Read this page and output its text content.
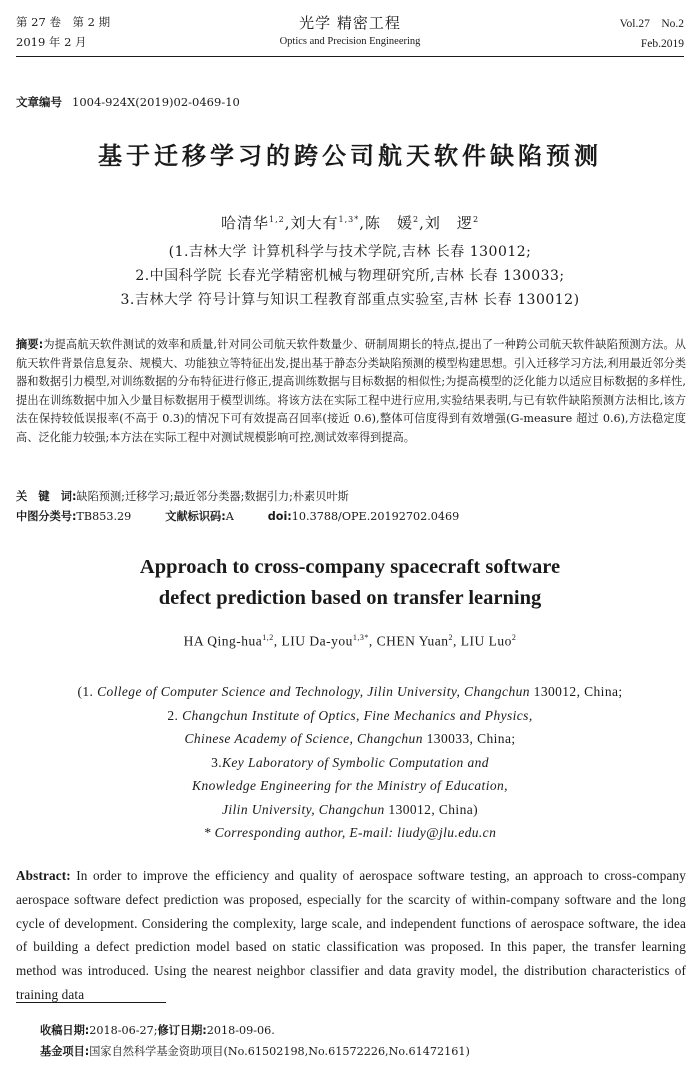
第 27 卷　第 2 期
2019 年 2 月
光学 精密工程
Optics and Precision Engineering
Vol.27　No.2
Feb.2019
文章编号 1004-924X(2019)02-0469-10
基于迁移学习的跨公司航天软件缺陷预测
哈清华$^{1,2}$,刘大有$^{1,3*}$,陈　媛$^2$,刘　逻$^2$
(1.吉林大学 计算机科学与技术学院,吉林 长春 130012;
2.中国科学院 长春光学精密机械与物理研究所,吉林 长春 130033;
3.吉林大学 符号计算与知识工程教育部重点实验室,吉林 长春 130012)
摘要:为提高航天软件测试的效率和质量,针对同公司航天软件数量少、研制周期长的特点,提出了一种跨公司航天软件缺陷预测方法。从航天软件背景信息复杂、规模大、功能独立等特征出发,提出基于静态分类缺陷预测的模型构建思想。引入迁移学习方法,利用最近邻分类器和数据引力模型,对训练数据的分布特征进行修正,提高训练数据与目标数据的相似性;为提高模型的泛化能力以适应目标数据的多样性,提出在训练数据中加入少量目标数据用于模型训练。将该方法在实际工程中进行应用,实验结果表明,与已有软件缺陷预测方法相比,该方法在保持较低误报率(不高于 0.3)的情况下可有效提高召回率(接近 0.6),整体可信度得到有效增强(G-measure 超过 0.6),方法稳定度高、泛化能力较强;本方法在实际工程中对测试规模影响可控,测试效率得到提高。
关　键　词:缺陷预测;迁移学习;最近邻分类器;数据引力;朴素贝叶斯
中图分类号:TB853.29	文献标识码:A	doi:10.3788/OPE.20192702.0469
Approach to cross-company spacecraft software
defect prediction based on transfer learning
HA Qing-hua$^{1,2}$, LIU Da-you$^{1,3*}$, CHEN Yuan$^2$, LIU Luo$^2$
(1. College of Computer Science and Technology, Jilin University, Changchun 130012, China;
2. Changchun Institute of Optics, Fine Mechanics and Physics,
Chinese Academy of Science, Changchun 130033, China;
3.Key Laboratory of Symbolic Computation and
Knowledge Engineering for the Ministry of Education,
Jilin University, Changchun 130012, China)
* Corresponding author, E-mail: liudy@jlu.edu.cn
Abstract: In order to improve the efficiency and quality of aerospace software testing, an approach to cross-company aerospace software defect prediction was proposed, especially for the scarcity of within-company software and the long cycle of development. Considering the complexity, large scale, and independent functions of aerospace software, the idea of building a defect prediction model based on static classification was proposed. In this paper, the transfer learning method was introduced. Using the nearest neighbor classifier and data gravity model, the distribution characteristics of training data
收稿日期:2018-06-27;修订日期:2018-09-06.
基金项目:国家自然科学基金资助项目(No.61502198,No.61572226,No.61472161)
